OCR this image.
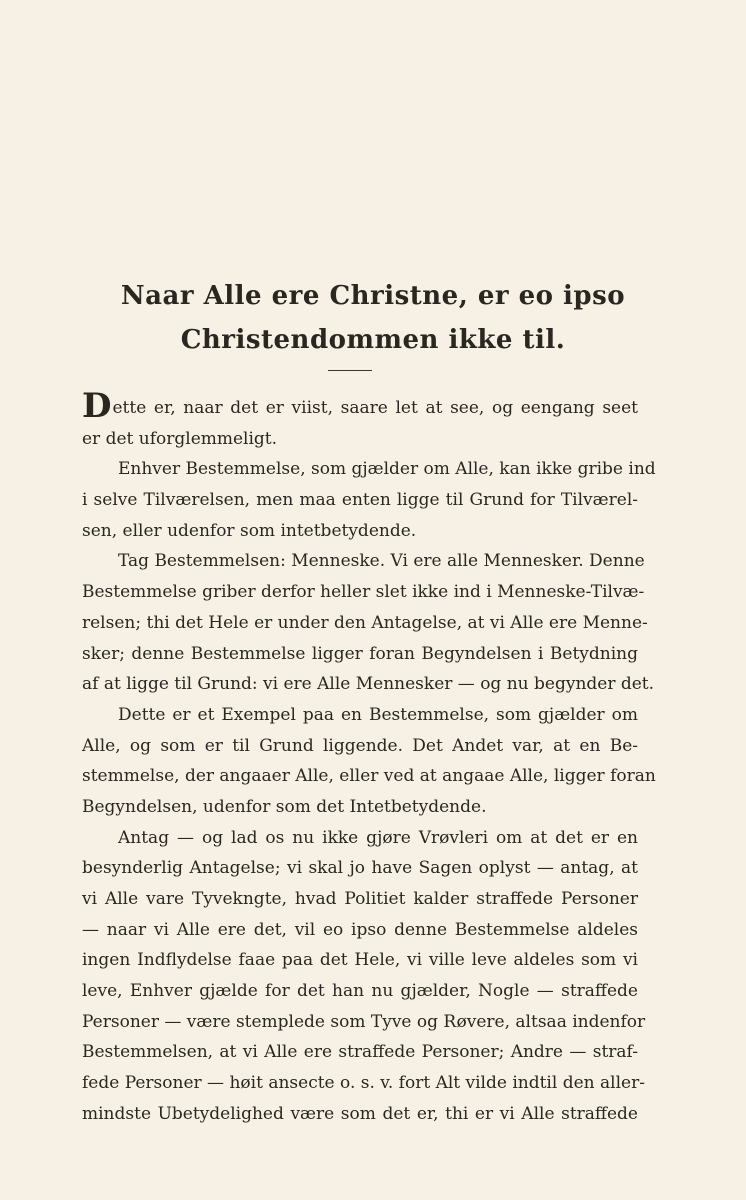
Naar Alle ere Christne, er eo ipso
Christendommen ikke til.
Dette er, naar det er viist, saare let at see, og eengang seet
er det uforglemmeligt.
Enhver Bestemmelse, som gjælder om Alle, kan ikke gribe ind
i selve Tilværelsen, men maa enten ligge til Grund for Tilværel-
sen, eller udenfor som intetbetydende.
Tag Bestemmelsen: Menneske. Vi ere alle Mennesker. Denne
Bestemmelse griber derfor heller slet ikke ind i Menneske-Tilvæ-
relsen; thi det Hele er under den Antagelse, at vi Alle ere Menne-
sker; denne Bestemmelse ligger foran Begyndelsen i Betydning
af at ligge til Grund: vi ere Alle Mennesker — og nu begynder det.
Dette er et Exempel paa en Bestemmelse, som gjælder om
Alle, og som er til Grund liggende. Det Andet var, at en Be-
stemmelse, der angaaer Alle, eller ved at angaae Alle, ligger foran
Begyndelsen, udenfor som det Intetbetydende.
Antag — og lad os nu ikke gjøre Vrøvleri om at det er en
besynderlig Antagelse; vi skal jo have Sagen oplyst — antag, at
vi Alle vare Tyvekngte, hvad Politiet kalder straffede Personer
— naar vi Alle ere det, vil eo ipso denne Bestemmelse aldeles
ingen Indflydelse faae paa det Hele, vi ville leve aldeles som vi
leve, Enhver gjælde for det han nu gjælder, Nogle — straffede
Personer — være stemplede som Tyve og Røvere, altsaa indenfor
Bestemmelsen, at vi Alle ere straffede Personer; Andre — straf-
fede Personer — høit ansecte o. s. v. fort Alt vilde indtil den aller-
mindste Ubetydelighed være som det er, thi er vi Alle straffede
